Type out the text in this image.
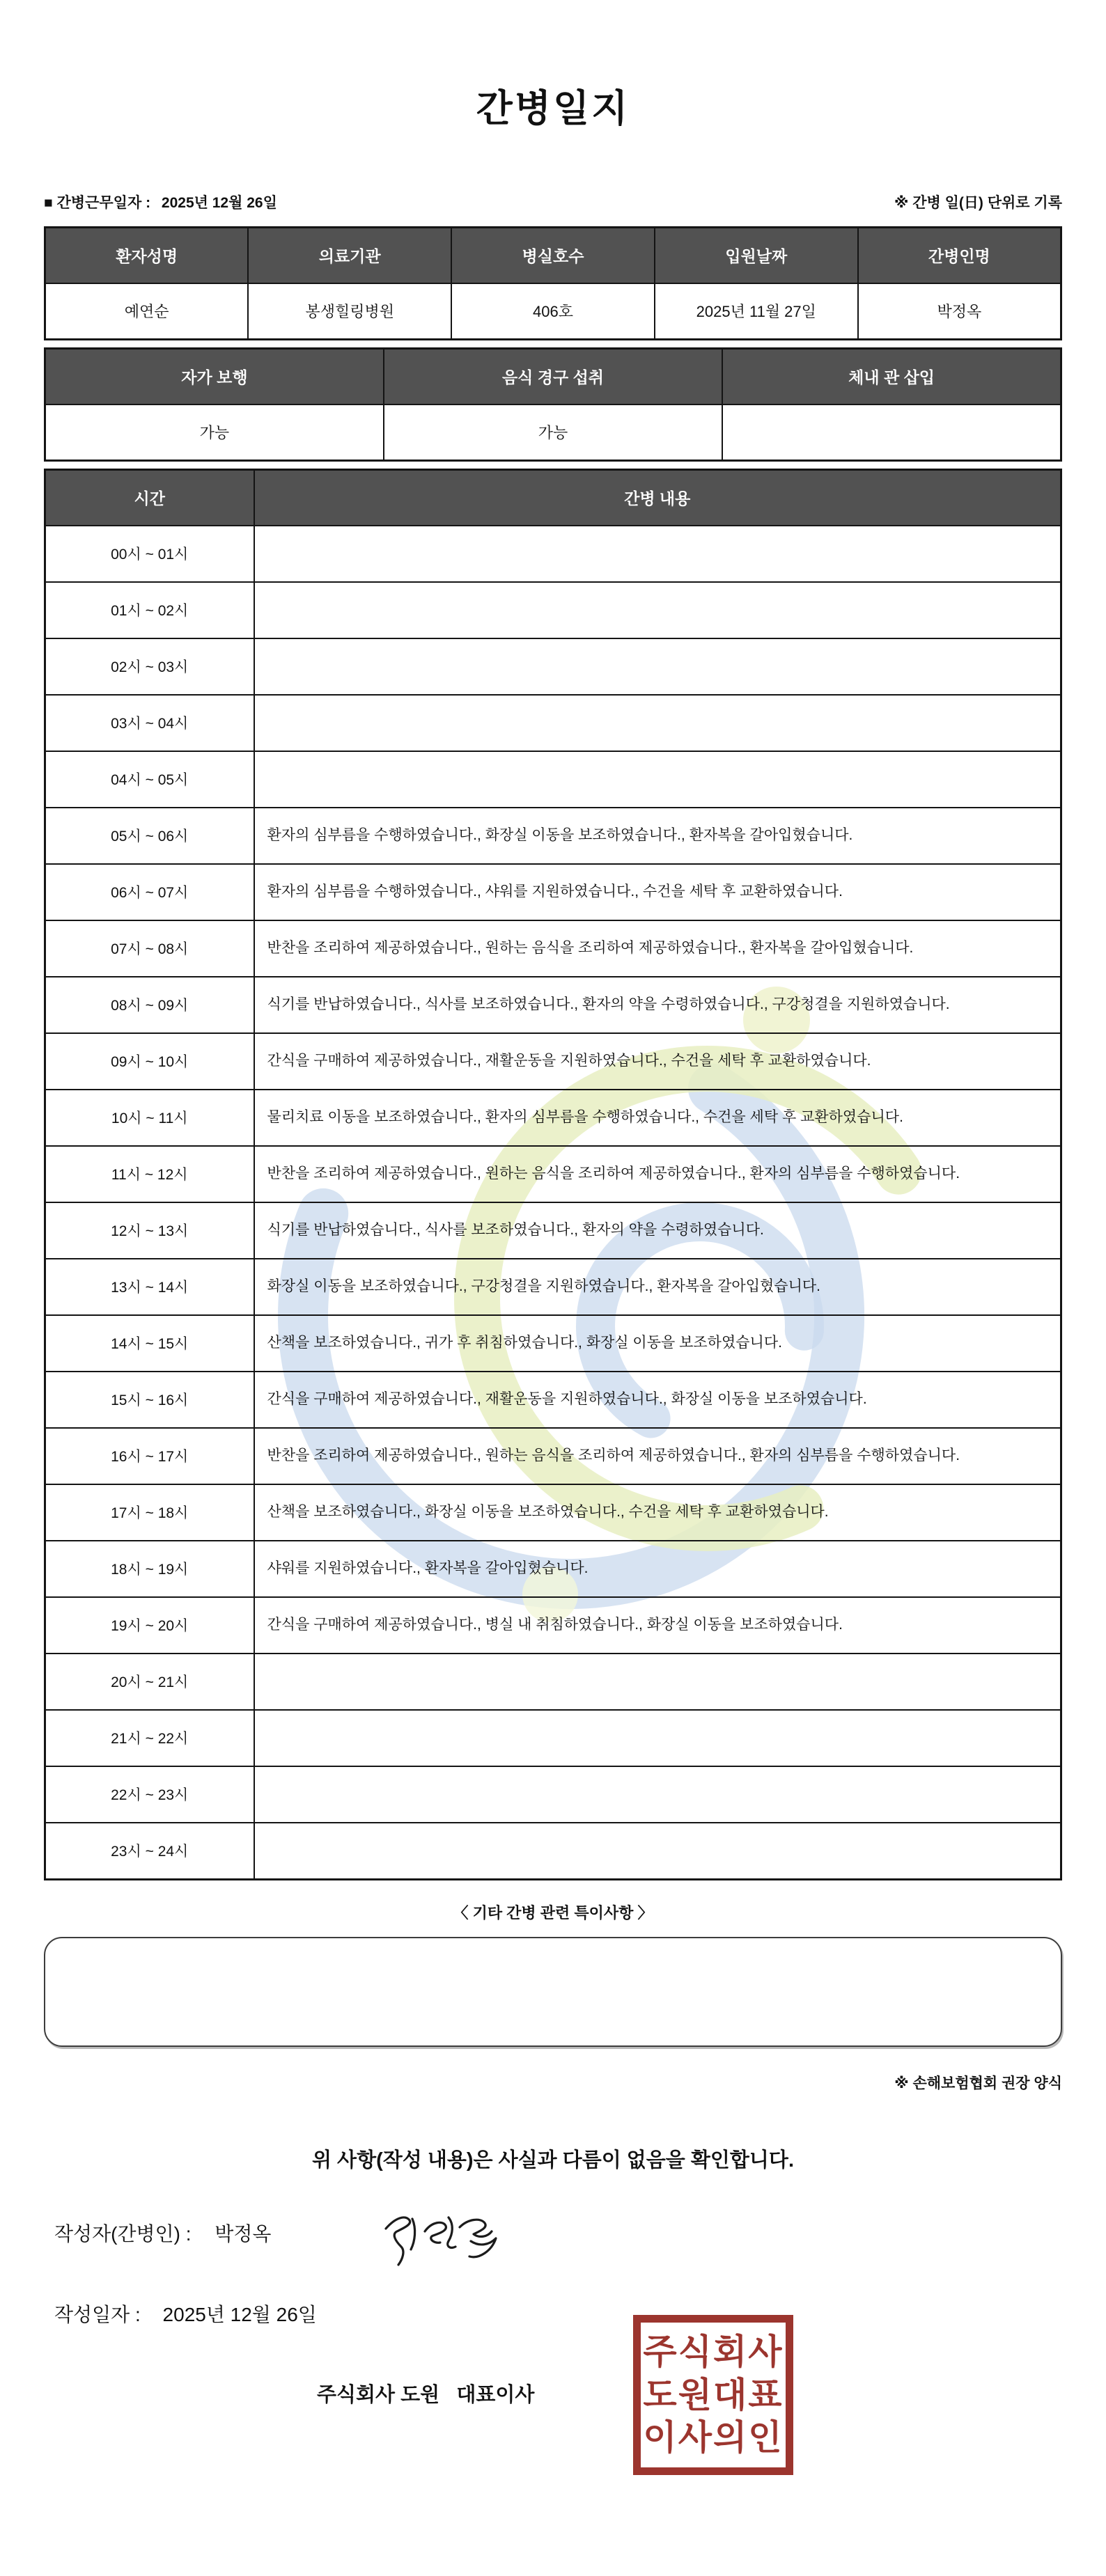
간병일지
■ 간병근무일자 : 2025년 12월 26일	※ 간병 일(日) 단위로 기록
환자성명	의료기관	병실호수	입원날짜	간병인명
예연순	봉생힐링병원	406호	2025년 11월 27일	박정옥
자가 보행	음식 경구 섭취	체내 관 삽입
가능	가능	
시간	간병 내용
00시 ~ 01시	
01시 ~ 02시	
02시 ~ 03시	
03시 ~ 04시	
04시 ~ 05시	
05시 ~ 06시	환자의 심부름을 수행하였습니다., 화장실 이동을 보조하였습니다., 환자복을 갈아입혔습니다.
06시 ~ 07시	환자의 심부름을 수행하였습니다., 샤워를 지원하였습니다., 수건을 세탁 후 교환하였습니다.
07시 ~ 08시	반찬을 조리하여 제공하였습니다., 원하는 음식을 조리하여 제공하였습니다., 환자복을 갈아입혔습니다.
08시 ~ 09시	식기를 반납하였습니다., 식사를 보조하였습니다., 환자의 약을 수령하였습니다., 구강청결을 지원하였습니다.
09시 ~ 10시	간식을 구매하여 제공하였습니다., 재활운동을 지원하였습니다., 수건을 세탁 후 교환하였습니다.
10시 ~ 11시	물리치료 이동을 보조하였습니다., 환자의 심부름을 수행하였습니다., 수건을 세탁 후 교환하였습니다.
11시 ~ 12시	반찬을 조리하여 제공하였습니다., 원하는 음식을 조리하여 제공하였습니다., 환자의 심부름을 수행하였습니다.
12시 ~ 13시	식기를 반납하였습니다., 식사를 보조하였습니다., 환자의 약을 수령하였습니다.
13시 ~ 14시	화장실 이동을 보조하였습니다., 구강청결을 지원하였습니다., 환자복을 갈아입혔습니다.
14시 ~ 15시	산책을 보조하였습니다., 귀가 후 취침하였습니다., 화장실 이동을 보조하였습니다.
15시 ~ 16시	간식을 구매하여 제공하였습니다., 재활운동을 지원하였습니다., 화장실 이동을 보조하였습니다.
16시 ~ 17시	반찬을 조리하여 제공하였습니다., 원하는 음식을 조리하여 제공하였습니다., 환자의 심부름을 수행하였습니다.
17시 ~ 18시	산책을 보조하였습니다., 화장실 이동을 보조하였습니다., 수건을 세탁 후 교환하였습니다.
18시 ~ 19시	샤워를 지원하였습니다., 환자복을 갈아입혔습니다.
19시 ~ 20시	간식을 구매하여 제공하였습니다., 병실 내 취침하였습니다., 화장실 이동을 보조하였습니다.
20시 ~ 21시	
21시 ~ 22시	
22시 ~ 23시	
23시 ~ 24시	
〈 기타 간병 관련 특이사항 〉
※ 손해보험협회 권장 양식
위 사항(작성 내용)은 사실과 다름이 없음을 확인합니다.
작성자(간병인) : 박정옥
작성일자 : 2025년 12월 26일
주식회사 도원   대표이사
주식회사
도원대표
이사의인
